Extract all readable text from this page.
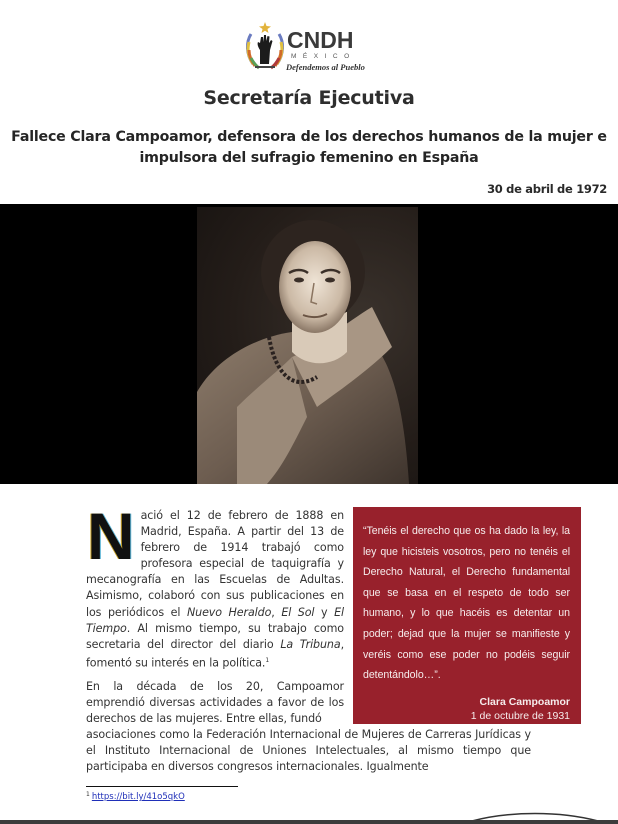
CNDH
MÉXICO
Defendemos al Pueblo
Secretaría Ejecutiva
Fallece Clara Campoamor, defensora de los derechos humanos de la mujer e impulsora del sufragio femenino en España
30 de abril de 1972
Nació el 12 de febrero de 1888 en Madrid, España. A partir del 13 de febrero de 1914 trabajó como profesora especial de taquigrafía y mecanografía en las Escuelas de Adultas. Asimismo, colaboró con sus publicaciones en los periódicos el Nuevo Heraldo, El Sol y El Tiempo. Al mismo tiempo, su trabajo como secretaria del director del diario La Tribuna, fomentó su interés en la política.$^1$
En la década de los 20, Campoamor emprendió diversas actividades a favor de los derechos de las mujeres. Entre ellas, fundó
asociaciones como la Federación Internacional de Mujeres de Carreras Jurídicas y el Instituto Internacional de Uniones Intelectuales, al mismo tiempo que participaba en diversos congresos internacionales. Igualmente

“Tenéis el derecho que os ha dado la ley, la ley que hicisteis vosotros, pero no tenéis el Derecho Natural, el Derecho fundamental que se basa en el respeto de todo ser humano, y lo que hacéis es detentar un poder; dejad que la mujer se manifieste y veréis como ese poder no podéis seguir detentándolo…”.

Clara Campoamor

1 de octubre de 1931

$^1$ https://bit.ly/41o5qkO
